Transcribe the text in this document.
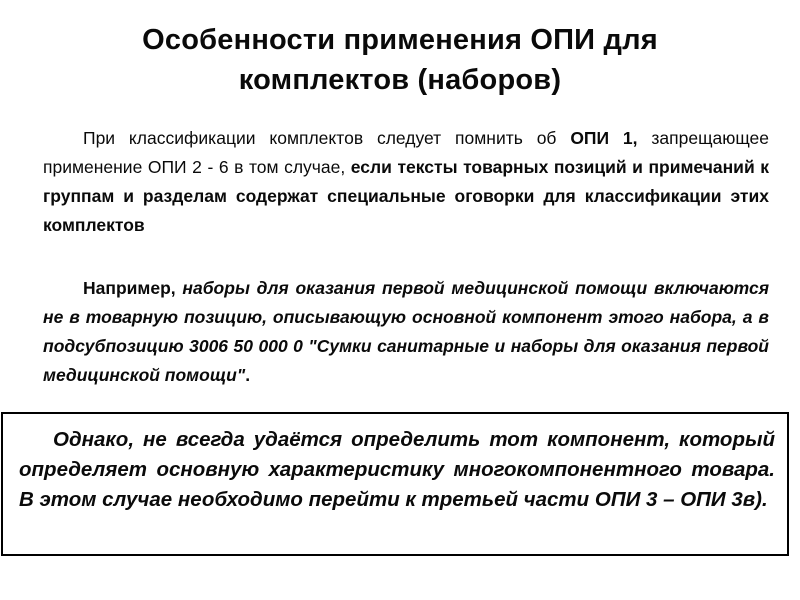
Особенности применения ОПИ для комплектов (наборов)
При классификации комплектов следует помнить об ОПИ 1, запрещающее применение ОПИ 2 - 6 в том случае, если тексты товарных позиций и примечаний к группам и разделам содержат специальные оговорки для классификации этих комплектов
Например, наборы для оказания первой медицинской помощи включаются не в товарную позицию, описывающую основной компонент этого набора, а в подсубпозицию 3006 50 000 0 "Сумки санитарные и наборы для оказания первой медицинской помощи".

Однако, не всегда удаётся определить тот компонент, который определяет основную характеристику многокомпонентного товара. В этом случае необходимо перейти к третьей части ОПИ 3 – ОПИ 3в).
